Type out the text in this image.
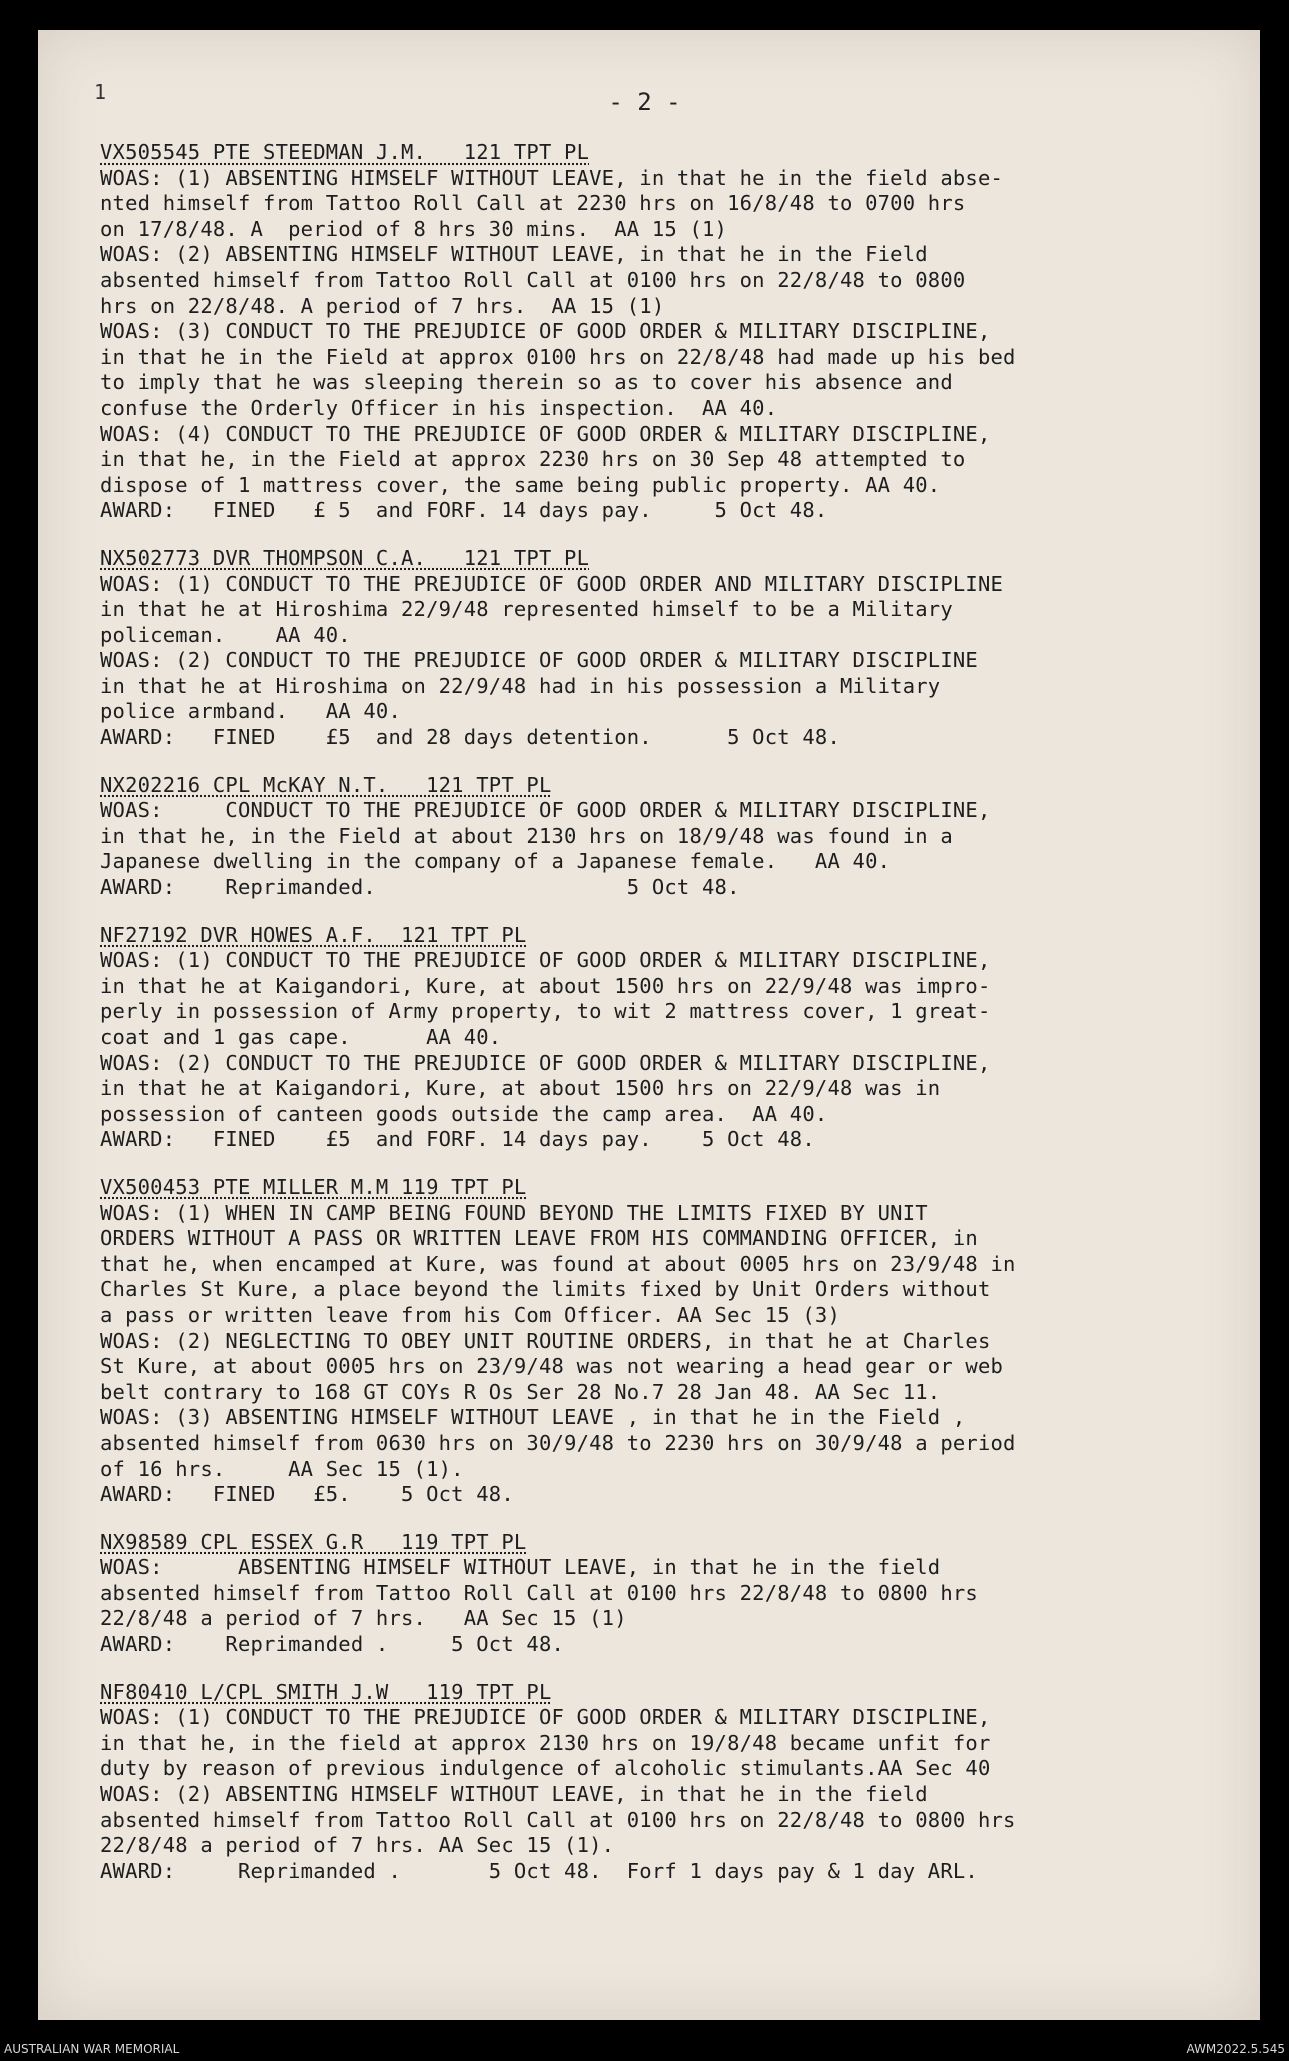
1	- 2 -
VX505545 PTE STEEDMAN J.M.   121 TPT PL
WOAS: (1) ABSENTING HIMSELF WITHOUT LEAVE, in that he in the field abse-
nted himself from Tattoo Roll Call at 2230 hrs on 16/8/48 to 0700 hrs
on 17/8/48. A  period of 8 hrs 30 mins.  AA 15 (1)
WOAS: (2) ABSENTING HIMSELF WITHOUT LEAVE, in that he in the Field
absented himself from Tattoo Roll Call at 0100 hrs on 22/8/48 to 0800
hrs on 22/8/48. A period of 7 hrs.  AA 15 (1)
WOAS: (3) CONDUCT TO THE PREJUDICE OF GOOD ORDER & MILITARY DISCIPLINE,
in that he in the Field at approx 0100 hrs on 22/8/48 had made up his bed
to imply that he was sleeping therein so as to cover his absence and
confuse the Orderly Officer in his inspection.  AA 40.
WOAS: (4) CONDUCT TO THE PREJUDICE OF GOOD ORDER & MILITARY DISCIPLINE,
in that he, in the Field at approx 2230 hrs on 30 Sep 48 attempted to
dispose of 1 mattress cover, the same being public property. AA 40.
AWARD:   FINED   £ 5  and FORF. 14 days pay.     5 Oct 48.
NX502773 DVR THOMPSON C.A.   121 TPT PL
WOAS: (1) CONDUCT TO THE PREJUDICE OF GOOD ORDER AND MILITARY DISCIPLINE
in that he at Hiroshima 22/9/48 represented himself to be a Military
policeman.    AA 40.
WOAS: (2) CONDUCT TO THE PREJUDICE OF GOOD ORDER & MILITARY DISCIPLINE
in that he at Hiroshima on 22/9/48 had in his possession a Military
police armband.   AA 40.
AWARD:   FINED    £5  and 28 days detention.      5 Oct 48.
NX202216 CPL McKAY N.T.   121 TPT PL
WOAS:     CONDUCT TO THE PREJUDICE OF GOOD ORDER & MILITARY DISCIPLINE,
in that he, in the Field at about 2130 hrs on 18/9/48 was found in a
Japanese dwelling in the company of a Japanese female.   AA 40.
AWARD:    Reprimanded.                    5 Oct 48.
NF27192 DVR HOWES A.F.  121 TPT PL
WOAS: (1) CONDUCT TO THE PREJUDICE OF GOOD ORDER & MILITARY DISCIPLINE,
in that he at Kaigandori, Kure, at about 1500 hrs on 22/9/48 was impro-
perly in possession of Army property, to wit 2 mattress cover, 1 great-
coat and 1 gas cape.      AA 40.
WOAS: (2) CONDUCT TO THE PREJUDICE OF GOOD ORDER & MILITARY DISCIPLINE,
in that he at Kaigandori, Kure, at about 1500 hrs on 22/9/48 was in
possession of canteen goods outside the camp area.  AA 40.
AWARD:   FINED    £5  and FORF. 14 days pay.    5 Oct 48.
VX500453 PTE MILLER M.M 119 TPT PL
WOAS: (1) WHEN IN CAMP BEING FOUND BEYOND THE LIMITS FIXED BY UNIT
ORDERS WITHOUT A PASS OR WRITTEN LEAVE FROM HIS COMMANDING OFFICER, in
that he, when encamped at Kure, was found at about 0005 hrs on 23/9/48 in
Charles St Kure, a place beyond the limits fixed by Unit Orders without
a pass or written leave from his Com Officer. AA Sec 15 (3)
WOAS: (2) NEGLECTING TO OBEY UNIT ROUTINE ORDERS, in that he at Charles
St Kure, at about 0005 hrs on 23/9/48 was not wearing a head gear or web
belt contrary to 168 GT COYs R Os Ser 28 No.7 28 Jan 48. AA Sec 11.
WOAS: (3) ABSENTING HIMSELF WITHOUT LEAVE , in that he in the Field ,
absented himself from 0630 hrs on 30/9/48 to 2230 hrs on 30/9/48 a period
of 16 hrs.     AA Sec 15 (1).
AWARD:   FINED   £5.    5 Oct 48.
NX98589 CPL ESSEX G.R   119 TPT PL
WOAS:      ABSENTING HIMSELF WITHOUT LEAVE, in that he in the field
absented himself from Tattoo Roll Call at 0100 hrs 22/8/48 to 0800 hrs
22/8/48 a period of 7 hrs.   AA Sec 15 (1)
AWARD:    Reprimanded .     5 Oct 48.
NF80410 L/CPL SMITH J.W   119 TPT PL
WOAS: (1) CONDUCT TO THE PREJUDICE OF GOOD ORDER & MILITARY DISCIPLINE,
in that he, in the field at approx 2130 hrs on 19/8/48 became unfit for
duty by reason of previous indulgence of alcoholic stimulants.AA Sec 40
WOAS: (2) ABSENTING HIMSELF WITHOUT LEAVE, in that he in the field
absented himself from Tattoo Roll Call at 0100 hrs on 22/8/48 to 0800 hrs
22/8/48 a period of 7 hrs. AA Sec 15 (1).
AWARD:     Reprimanded .       5 Oct 48.  Forf 1 days pay & 1 day ARL.
AUSTRALIAN WAR MEMORIAL	AWM2022.5.545
